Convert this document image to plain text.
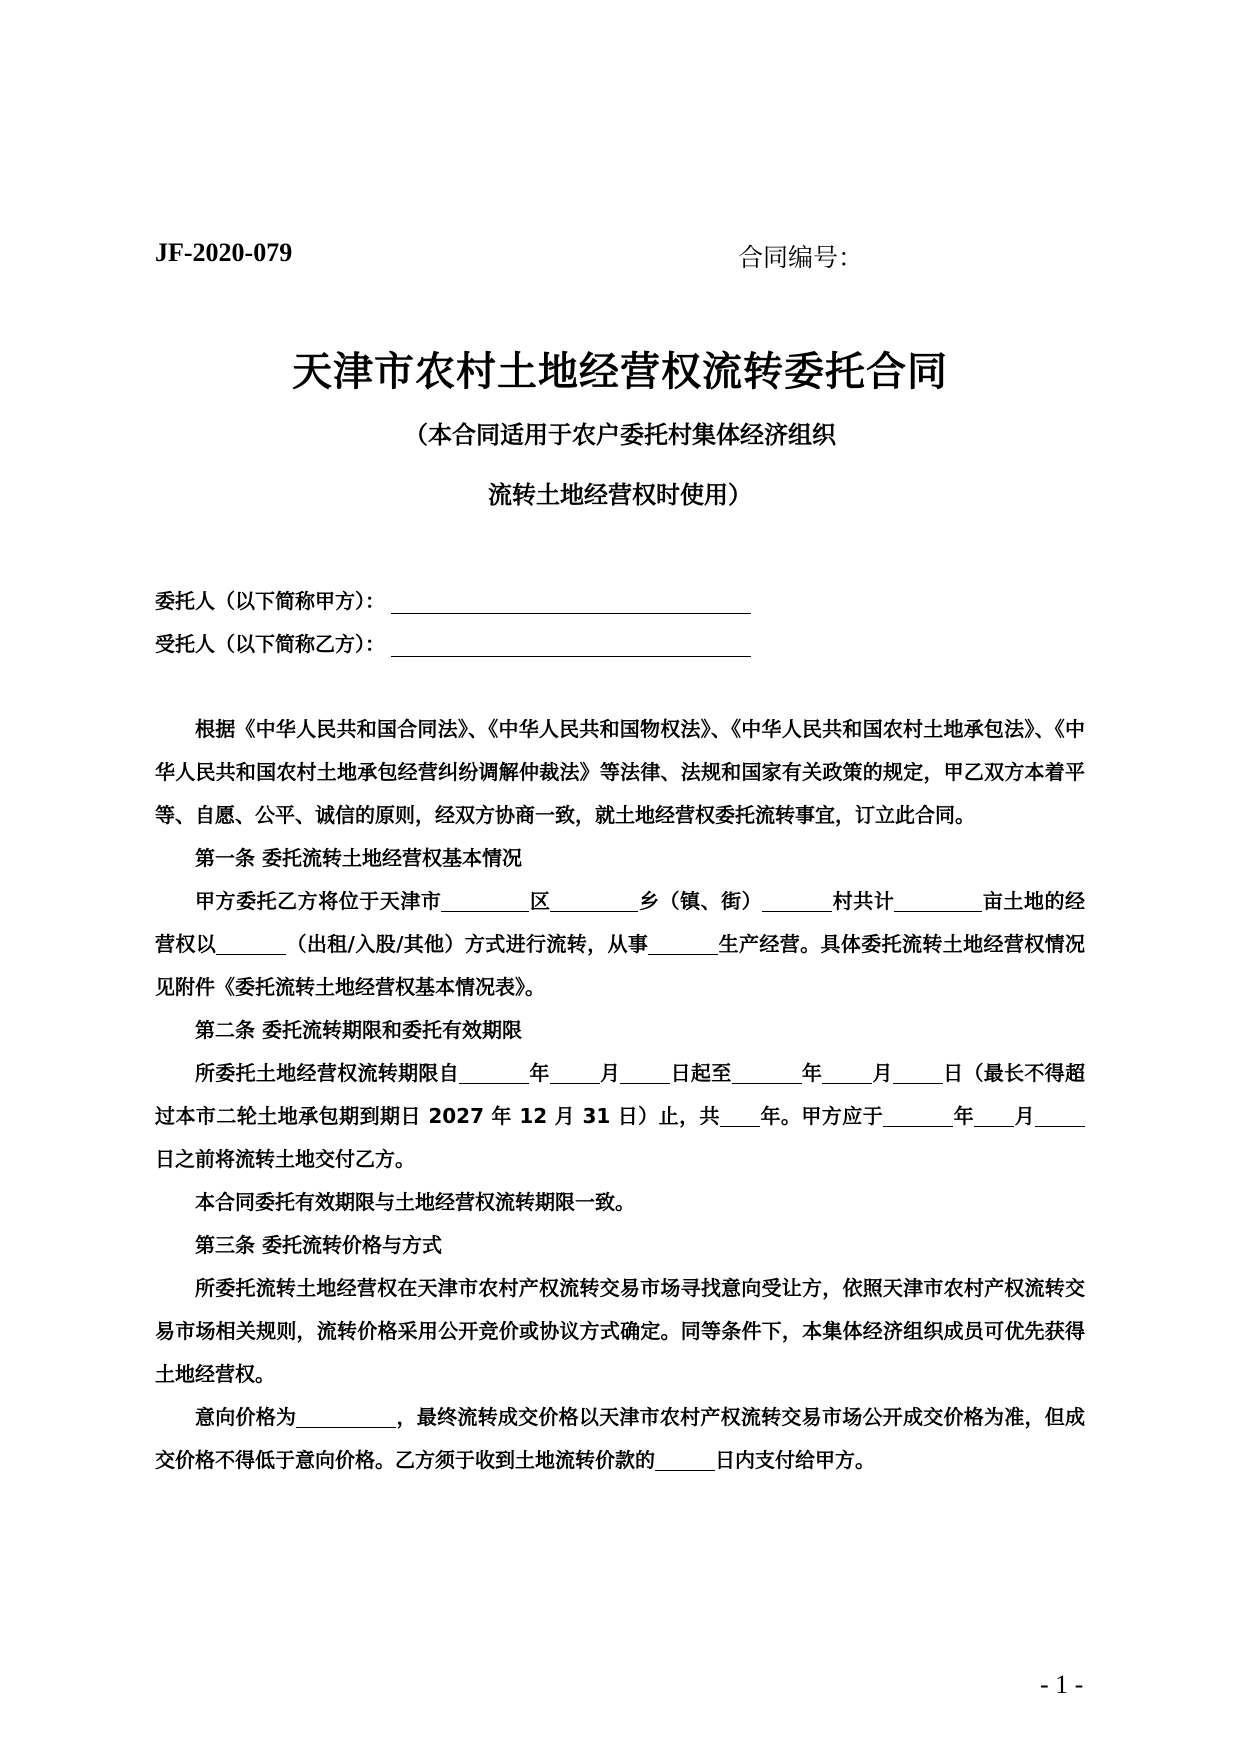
JF-2020-079	合同编号：
天津市农村土地经营权流转委托合同
（本合同适用于农户委托村集体经济组织
流转土地经营权时使用）
委托人（以下简称甲方）：
受托人（以下简称乙方）：

根据《中华人民共和国合同法》、《中华人民共和国物权法》、《中华人民共和国农村土地承包法》、《中华人民共和国农村土地承包经营纠纷调解仲裁法》等法律、法规和国家有关政策的规定，甲乙双方本着平等、自愿、公平、诚信的原则，经双方协商一致，就土地经营权委托流转事宜，订立此合同。

第一条 委托流转土地经营权基本情况

甲方委托乙方将位于天津市	区	乡（镇、街）	村共计	亩土地的经营权以	（出租/入股/其他）方式进行流转，从事	生产经营。具体委托流转土地经营权情况见附件《委托流转土地经营权基本情况表》。

第二条 委托流转期限和委托有效期限

所委托土地经营权流转期限自	年	月	日起至	年	月	日（最长不得超过本市二轮土地承包期到期日 2027 年 12 月 31 日）止，共 年。甲方应于	年 月日之前将流转土地交付乙方。

本合同委托有效期限与土地经营权流转期限一致。

第三条 委托流转价格与方式

所委托流转土地经营权在天津市农村产权流转交易市场寻找意向受让方，依照天津市农村产权流转交易市场相关规则，流转价格采用公开竞价或协议方式确定。同等条件下，本集体经济组织成员可优先获得土地经营权。

意向价格为	，最终流转成交价格以天津市农村产权流转交易市场公开成交价格为准，但成交价格不得低于意向价格。乙方须于收到土地流转价款的	日内支付给甲方。

- 1 -
